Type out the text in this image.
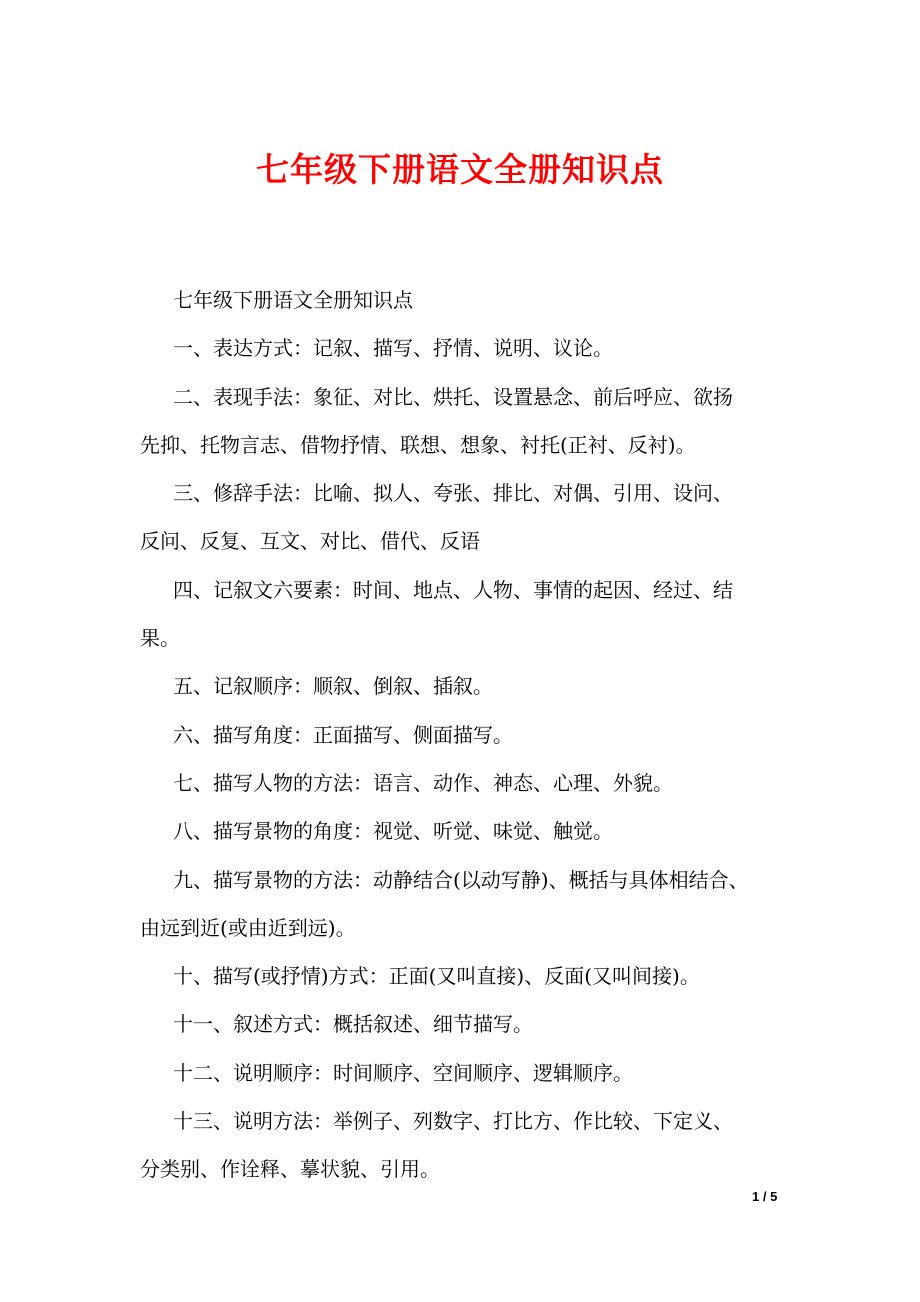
七年级下册语文全册知识点

七年级下册语文全册知识点

一、表达方式：记叙、描写、抒情、说明、议论。

二、表现手法：象征、对比、烘托、设置悬念、前后呼应、欲扬
先抑、托物言志、借物抒情、联想、想象、衬托(正衬、反衬)。

三、修辞手法：比喻、拟人、夸张、排比、对偶、引用、设问、
反问、反复、互文、对比、借代、反语

四、记叙文六要素：时间、地点、人物、事情的起因、经过、结
果。

五、记叙顺序：顺叙、倒叙、插叙。

六、描写角度：正面描写、侧面描写。

七、描写人物的方法：语言、动作、神态、心理、外貌。

八、描写景物的角度：视觉、听觉、味觉、触觉。

九、描写景物的方法：动静结合(以动写静)、概括与具体相结合、
由远到近(或由近到远)。

十、描写(或抒情)方式：正面(又叫直接)、反面(又叫间接)。

十一、叙述方式：概括叙述、细节描写。

十二、说明顺序：时间顺序、空间顺序、逻辑顺序。

十三、说明方法：举例子、列数字、打比方、作比较、下定义、
分类别、作诠释、摹状貌、引用。

1 / 5
